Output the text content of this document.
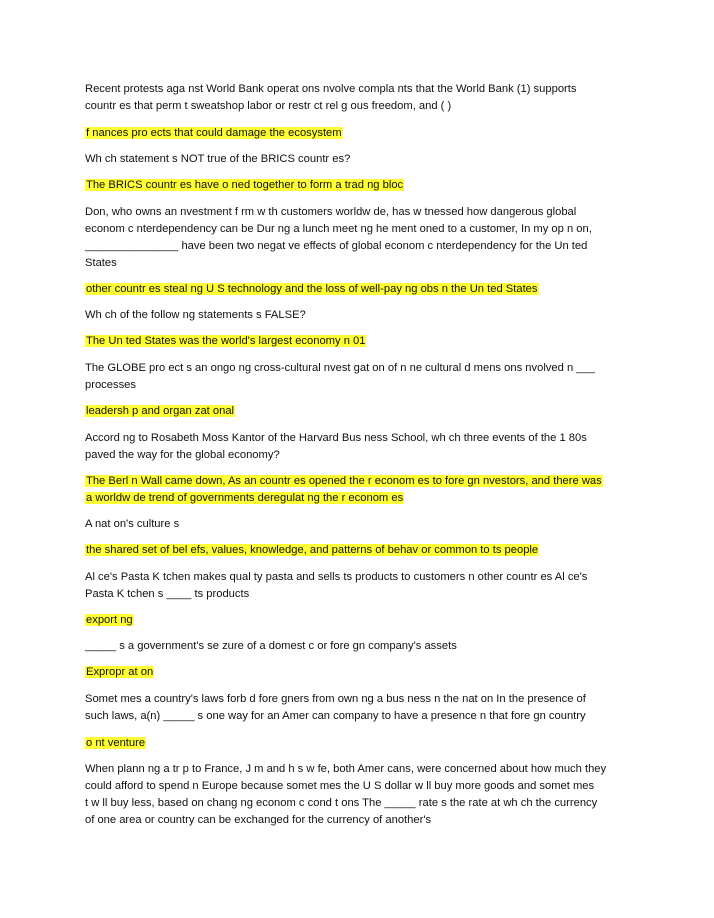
Recent protests aga nst World Bank operat ons nvolve compla nts that the World Bank (1) supports
countr es that perm t sweatshop labor or restr ct rel g ous freedom, and ( )
f nances pro ects that could damage the ecosystem
Wh ch statement s NOT true of the BRICS countr es?
The BRICS countr es have o ned together to form a trad ng bloc
Don, who owns an nvestment f rm w th customers worldw de, has w tnessed how dangerous global
econom c nterdependency can be Dur ng a lunch meet ng he ment oned to a customer, In my op n on,
_______________ have been two negat ve effects of global econom c nterdependency for the Un ted
States
other countr es steal ng U S technology and the loss of well-pay ng obs n the Un ted States
Wh ch of the follow ng statements s FALSE?
The Un ted States was the world's largest economy n 01
The GLOBE pro ect s an ongo ng cross-cultural nvest gat on of n ne cultural d mens ons nvolved n ___
processes
leadersh p and organ zat onal
Accord ng to Rosabeth Moss Kantor of the Harvard Bus ness School, wh ch three events of the 1 80s
paved the way for the global economy?
The Berl n Wall came down, As an countr es opened the r econom es to fore gn nvestors, and there was
a worldw de trend of governments deregulat ng the r econom es
A nat on's culture s
the shared set of bel efs, values, knowledge, and patterns of behav or common to ts people
Al ce's Pasta K tchen makes qual ty pasta and sells ts products to customers n other countr es Al ce's
Pasta K tchen s ____ ts products
export ng
_____ s a government's se zure of a domest c or fore gn company's assets
Expropr at on
Somet mes a country's laws forb d fore gners from own ng a bus ness n the nat on In the presence of
such laws, a(n) _____ s one way for an Amer can company to have a presence n that fore gn country
o nt venture
When plann ng a tr p to France, J m and h s w fe, both Amer cans, were concerned about how much they
could afford to spend n Europe because somet mes the U S dollar w ll buy more goods and somet mes
t w ll buy less, based on chang ng econom c cond t ons The _____ rate s the rate at wh ch the currency
of one area or country can be exchanged for the currency of another's
